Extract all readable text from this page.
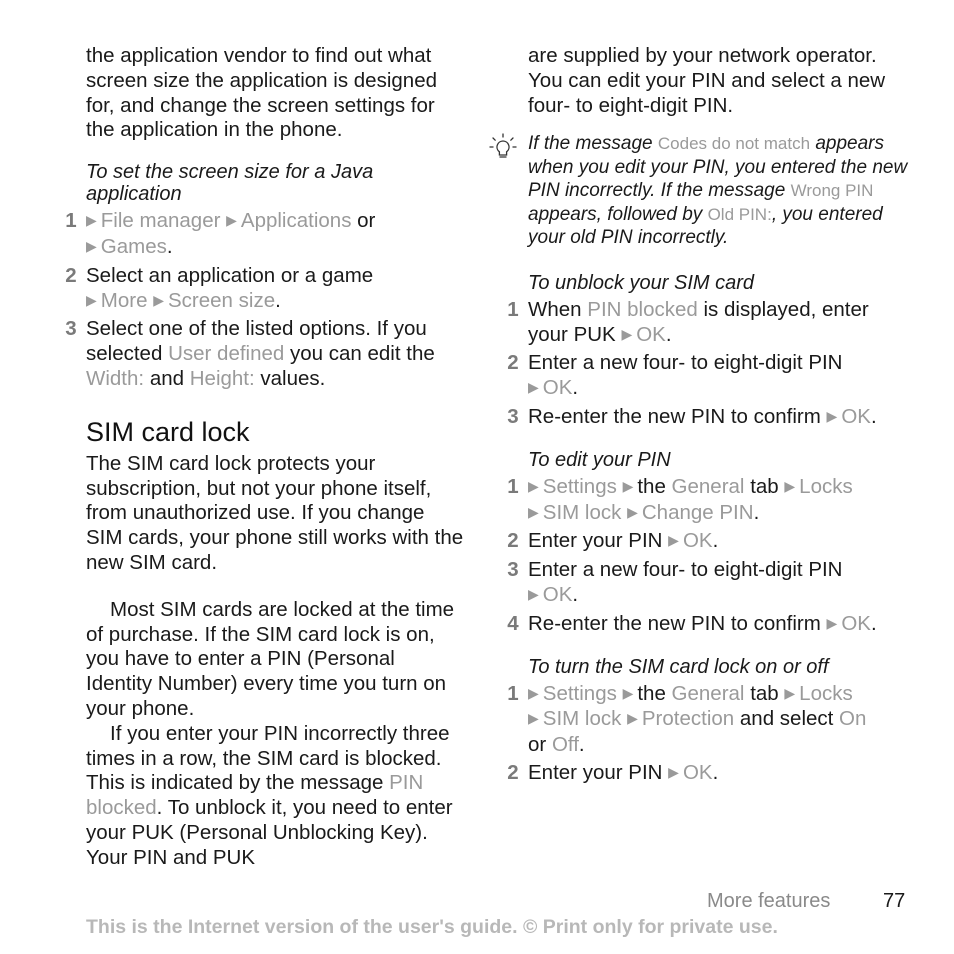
the application vendor to find out what screen size the application is designed for, and change the screen settings for the application in the phone.

To set the screen size for a Java application
1 ▶ File manager ▶ Applications or
▶ Games.
2 Select an application or a game
▶ More ▶ Screen size.
3 Select one of the listed options. If you selected User defined you can edit the Width: and Height: values.
SIM card lock

The SIM card lock protects your subscription, but not your phone itself, from unauthorized use. If you change SIM cards, your phone still works with the new SIM card.

Most SIM cards are locked at the time of purchase. If the SIM card lock is on, you have to enter a PIN (Personal Identity Number) every time you turn on your phone.

If you enter your PIN incorrectly three times in a row, the SIM card is blocked. This is indicated by the message PIN blocked. To unblock it, you need to enter your PUK (Personal Unblocking Key). Your PIN and PUK

are supplied by your network operator. You can edit your PIN and select a new four- to eight-digit PIN.

If the message Codes do not match appears when you edit your PIN, you entered the new PIN incorrectly. If the message Wrong PIN appears, followed by Old PIN:, you entered your old PIN incorrectly.
To unblock your SIM card
1 When PIN blocked is displayed, enter your PUK ▶ OK.
2 Enter a new four- to eight-digit PIN
▶ OK.
3 Re-enter the new PIN to confirm ▶ OK.
To edit your PIN
1 ▶ Settings ▶ the General tab ▶ Locks
▶ SIM lock ▶ Change PIN.
2 Enter your PIN ▶ OK.
3 Enter a new four- to eight-digit PIN
▶ OK.
4 Re-enter the new PIN to confirm ▶ OK.
To turn the SIM card lock on or off
1 ▶ Settings ▶ the General tab ▶ Locks
▶ SIM lock ▶ Protection and select On
or Off.
2 Enter your PIN ▶ OK.
More features	77
This is the Internet version of the user's guide. © Print only for private use.
